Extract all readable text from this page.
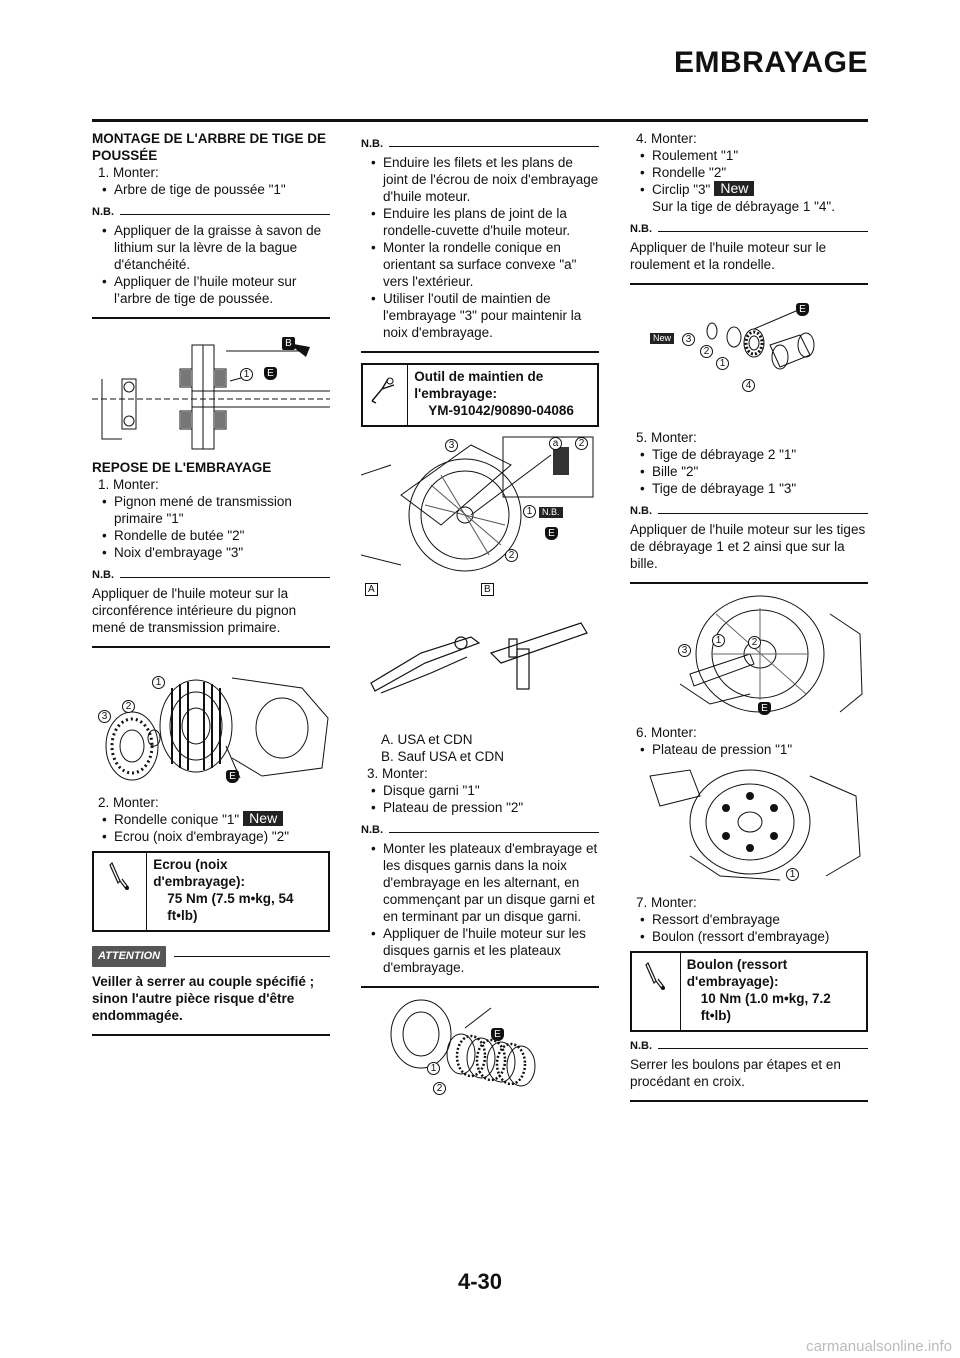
EMBRAYAGE
MONTAGE DE L'ARBRE DE TIGE DE POUSSÉE

1. Monter:

• Arbre de tige de poussée "1"

N.B.

• Appliquer de la graisse à savon de lithium sur la lèvre de la bague d'étanchéité.

• Appliquer de l’huile moteur sur l’arbre de tige de poussée.

1	E
B
REPOSE DE L'EMBRAYAGE

1. Monter:

• Pignon mené de transmission primaire "1"

• Rondelle de butée "2"

• Noix d'embrayage "3"

N.B.

Appliquer de l'huile moteur sur la circonférence intérieure du pignon mené de transmission primaire.

1
2
3
E

2. Monter:

• Rondelle conique "1" New

• Ecrou (noix d'embrayage) "2"

Ecrou (noix d'embrayage):
75 Nm (7.5 m•kg, 54 ft•lb)
ATTENTION

Veiller à serrer au couple spécifié ; sinon l'autre pièce risque d'être endommagée.

N.B.

• Enduire les filets et les plans de joint de l'écrou de noix d'embrayage d'huile moteur.

• Enduire les plans de joint de la rondelle-cuvette d'huile moteur.

• Monter la rondelle conique en orientant sa surface convexe "a" vers l'extérieur.

• Utiliser l'outil de maintien de l'embrayage "3" pour maintenir la noix d'embrayage.

Outil de maintien de l'embrayage:
YM-91042/90890-04086
3	a	2
1	N.B.
E
2
A	B

A. USA et CDN

B. Sauf USA et CDN

3. Monter:

• Disque garni "1"

• Plateau de pression "2"

N.B.

• Monter les plateaux d'embrayage et les disques garnis dans la noix d'embrayage en les alternant, en commençant par un disque garni et en terminant par un disque garni.

• Appliquer de l'huile moteur sur les disques garnis et les plateaux d'embrayage.

E
1
2

4. Monter:

• Roulement "1"

• Rondelle "2"

• Circlip "3" New

Sur la tige de débrayage 1 "4".

N.B.

Appliquer de l'huile moteur sur le roulement et la rondelle.

New	3
2
1
4
E

5. Monter:

• Tige de débrayage 2 "1"

• Bille "2"

• Tige de débrayage 1 "3"

N.B.

Appliquer de l'huile moteur sur les tiges de débrayage 1 et 2 ainsi que sur la bille.

3
1	2
E

6. Monter:

• Plateau de pression "1"

1

7. Monter:

• Ressort d'embrayage

• Boulon (ressort d'embrayage)

Boulon (ressort d'embrayage):
10 Nm (1.0 m•kg, 7.2 ft•lb)
N.B.

Serrer les boulons par étapes et en procédant en croix.

4-30
carmanualsonline.info
